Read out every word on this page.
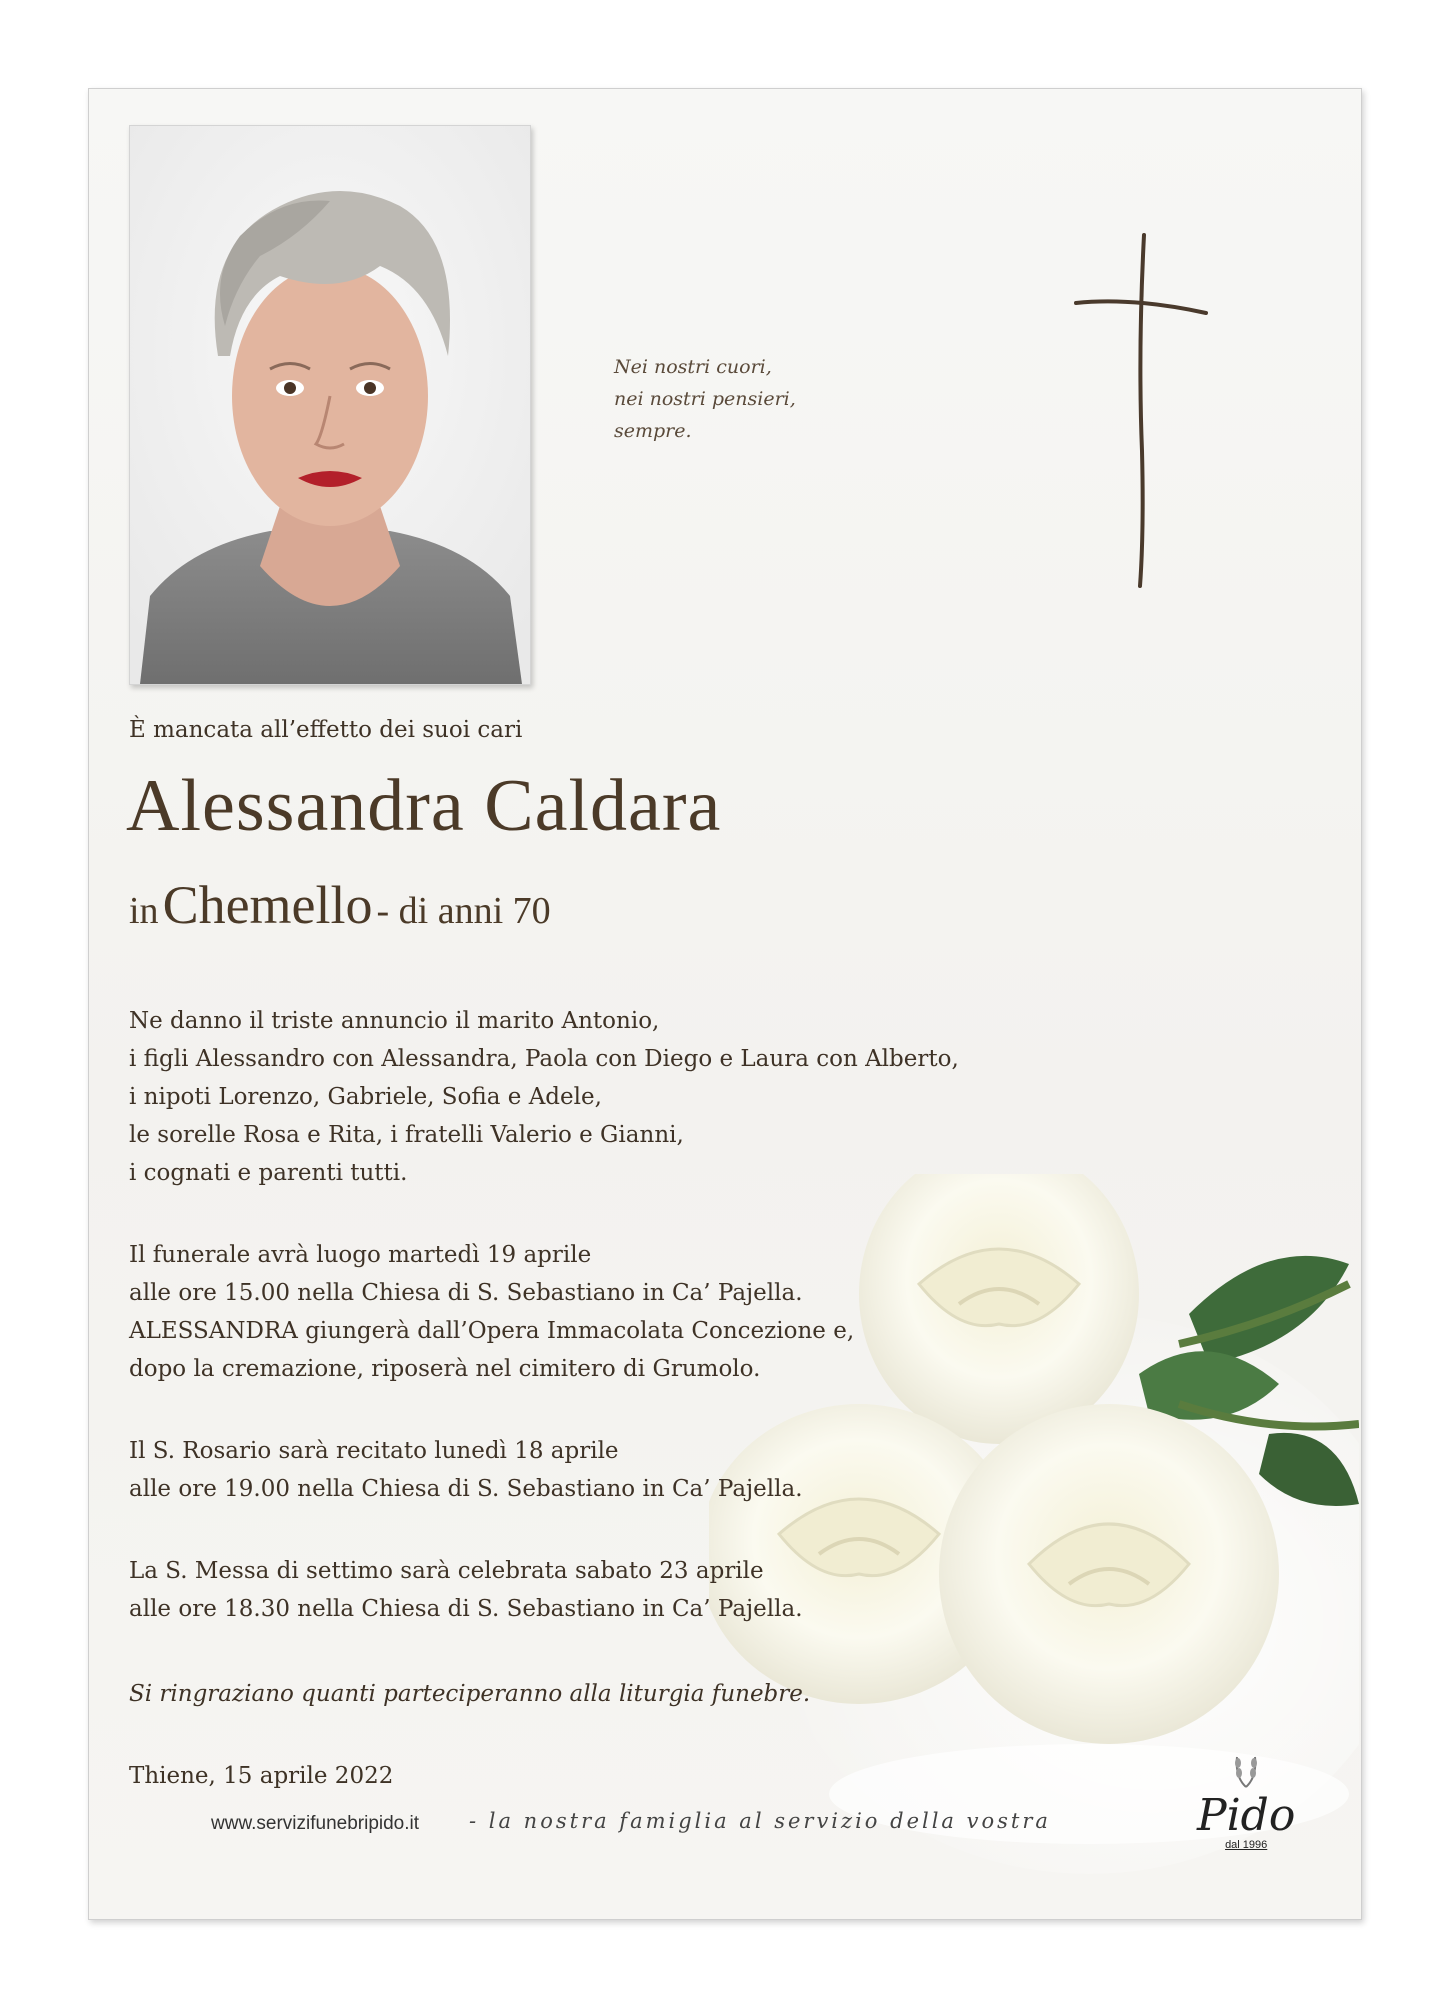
Nei nostri cuori,
nei nostri pensieri,
sempre.
È mancata all’effetto dei suoi cari
Alessandra Caldara
in Chemello - di anni 70
Ne danno il triste annuncio il marito Antonio,
i figli Alessandro con Alessandra, Paola con Diego e Laura con Alberto,
i nipoti Lorenzo, Gabriele, Sofia e Adele,
le sorelle Rosa e Rita, i fratelli Valerio e Gianni,
i cognati e parenti tutti.
Il funerale avrà luogo martedì 19 aprile
alle ore 15.00 nella Chiesa di S. Sebastiano in Ca’ Pajella.
ALESSANDRA giungerà dall’Opera Immacolata Concezione e,
dopo la cremazione, riposerà nel cimitero di Grumolo.
Il S. Rosario sarà recitato lunedì 18 aprile
alle ore 19.00 nella Chiesa di S. Sebastiano in Ca’ Pajella.
La S. Messa di settimo sarà celebrata sabato 23 aprile
alle ore 18.30 nella Chiesa di S. Sebastiano in Ca’ Pajella.
Si ringraziano quanti parteciperanno alla liturgia funebre.
Thiene, 15 aprile 2022
www.servizifunebripido.it - la nostra famiglia al servizio della vostra	Pido
dal 1996
